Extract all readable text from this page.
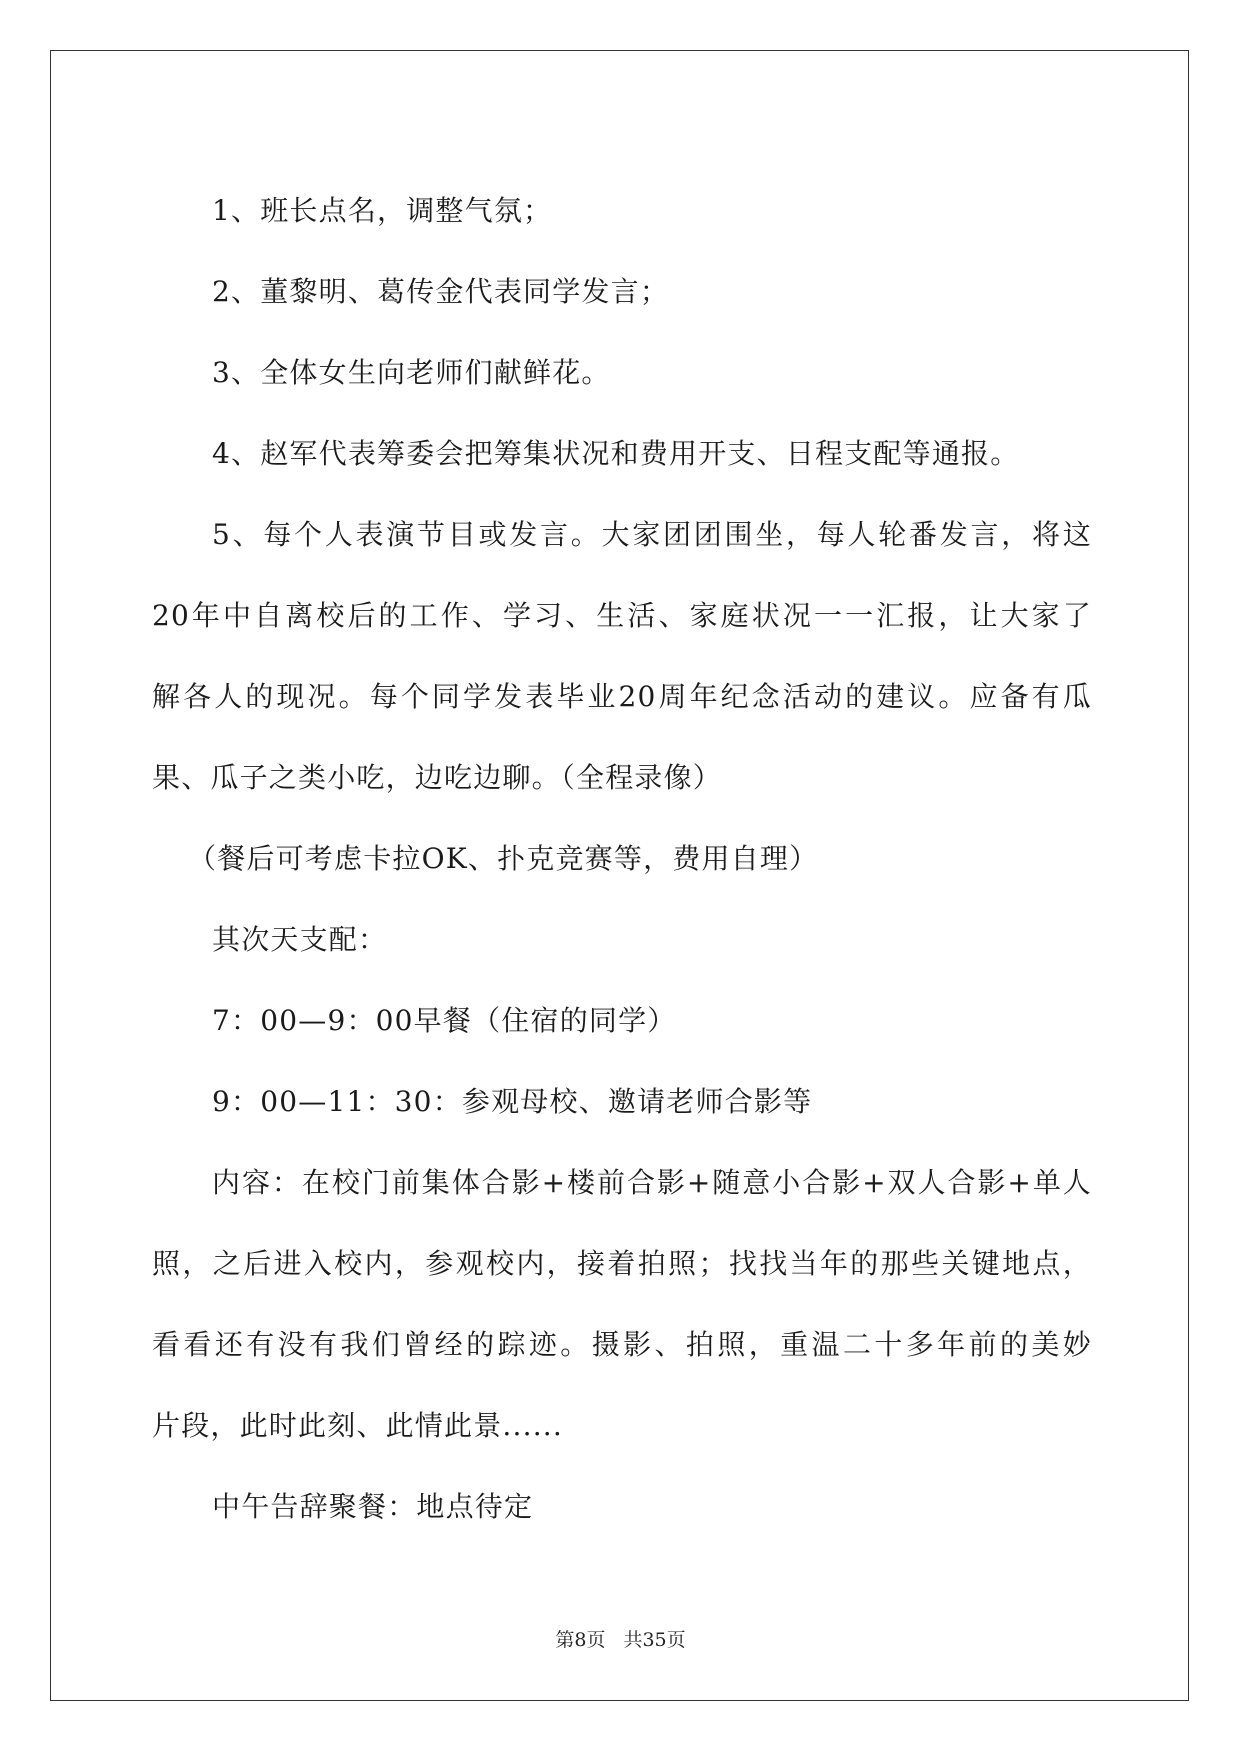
1、班长点名，调整气氛；

2、董黎明、葛传金代表同学发言；

3、全体女生向老师们献鲜花。

4、赵军代表筹委会把筹集状况和费用开支、日程支配等通报。

5、每个人表演节目或发言。大家团团围坐，每人轮番发言，将这

20年中自离校后的工作、学习、生活、家庭状况一一汇报，让大家了

解各人的现况。每个同学发表毕业20周年纪念活动的建议。应备有瓜

果、瓜子之类小吃，边吃边聊。（全程录像）

（餐后可考虑卡拉OK、扑克竞赛等，费用自理）

其次天支配：

7：00—9：00早餐（住宿的同学）

9：00—11：30：参观母校、邀请老师合影等

内容：在校门前集体合影+楼前合影+随意小合影+双人合影+单人

照，之后进入校内，参观校内，接着拍照；找找当年的那些关键地点，

看看还有没有我们曾经的踪迹。摄影、拍照，重温二十多年前的美妙

片段，此时此刻、此情此景......

中午告辞聚餐：地点待定

第8页 共35页
